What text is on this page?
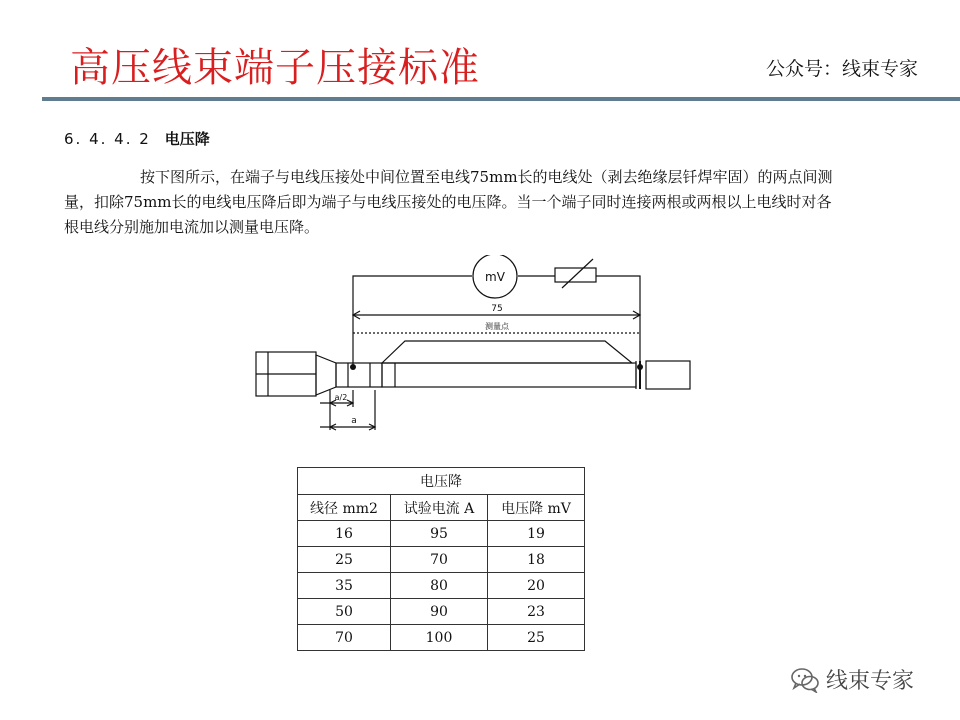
高压线束端子压接标准	公众号：线束专家
6. 4. 4. 2 电压降
按下图所示，在端子与电线压接处中间位置至电线75mm长的电线处（剥去绝缘层钎焊牢固）的两点间测量，扣除75mm长的电线电压降后即为端子与电线压接处的电压降。当一个端子同时连接两根或两根以上电线时对各根电线分别施加电流加以测量电压降。
mV
75
测量点
a/2
a
电压降		
线径 mm2	试验电流 A	电压降 mV
16	95	19
25	70	18
35	80	20
50	90	23
70	100	25
线束专家
